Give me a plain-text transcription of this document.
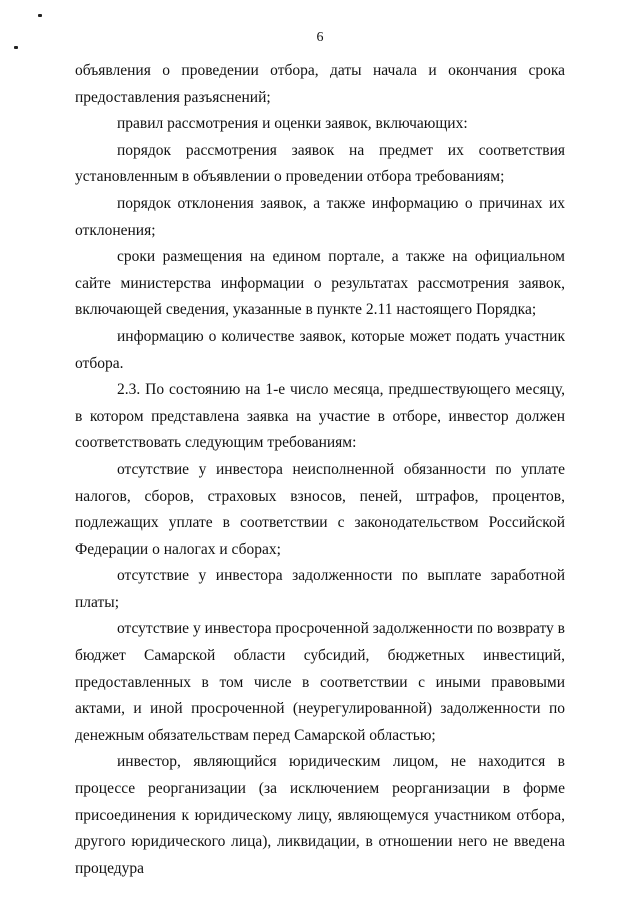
6

объявления о проведении отбора, даты начала и окончания срока предоставления разъяснений;

правил рассмотрения и оценки заявок, включающих:

порядок рассмотрения заявок на предмет их соответствия установленным в объявлении о проведении отбора требованиям;

порядок отклонения заявок, а также информацию о причинах их отклонения;

сроки размещения на едином портале, а также на официальном сайте министерства информации о результатах рассмотрения заявок, включающей сведения, указанные в пункте 2.11 настоящего Порядка;

информацию о количестве заявок, которые может подать участник отбора.

2.3. По состоянию на 1-е число месяца, предшествующего месяцу, в котором представлена заявка на участие в отборе, инвестор должен соответствовать следующим требованиям:

отсутствие у инвестора неисполненной обязанности по уплате налогов, сборов, страховых взносов, пеней, штрафов, процентов, подлежащих уплате в соответствии с законодательством Российской Федерации о налогах и сборах;

отсутствие у инвестора задолженности по выплате заработной платы;

отсутствие у инвестора просроченной задолженности по возврату в бюджет Самарской области субсидий, бюджетных инвестиций, предоставленных в том числе в соответствии с иными правовыми актами, и иной просроченной (неурегулированной) задолженности по денежным обязательствам перед Самарской областью;

инвестор, являющийся юридическим лицом, не находится в процессе реорганизации (за исключением реорганизации в форме присоединения к юридическому лицу, являющемуся участником отбора, другого юридического лица), ликвидации, в отношении него не введена процедура
